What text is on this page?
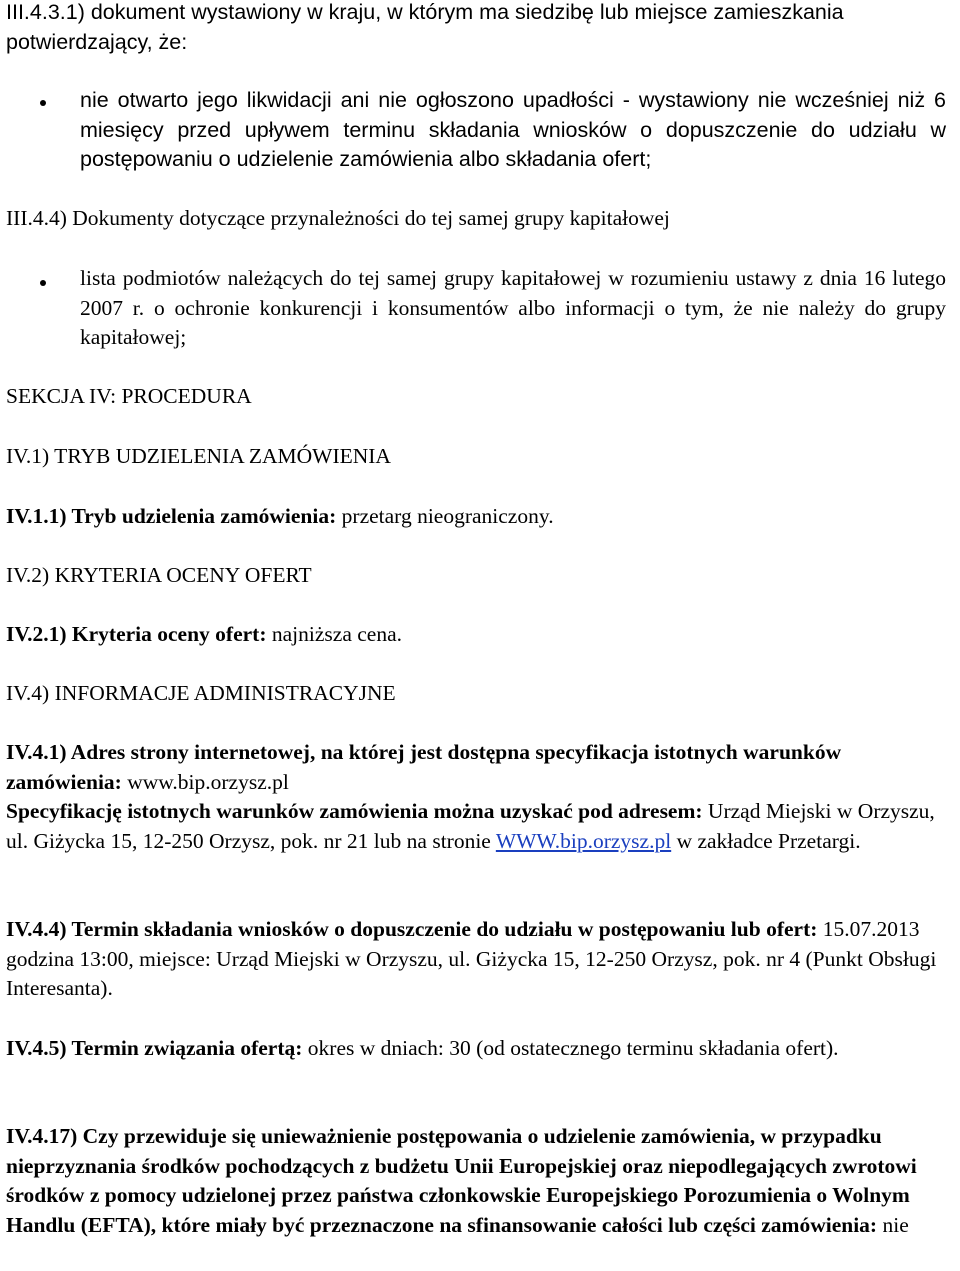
III.4.3.1) dokument wystawiony w kraju, w którym ma siedzibę lub miejsce zamieszkania potwierdzający, że:

nie otwarto jego likwidacji ani nie ogłoszono upadłości - wystawiony nie wcześniej niż 6 miesięcy przed upływem terminu składania wniosków o dopuszczenie do udziału w postępowaniu o udzielenie zamówienia albo składania ofert;

III.4.4) Dokumenty dotyczące przynależności do tej samej grupy kapitałowej

lista podmiotów należących do tej samej grupy kapitałowej w rozumieniu ustawy z dnia 16 lutego 2007 r. o ochronie konkurencji i konsumentów albo informacji o tym, że nie należy do grupy kapitałowej;

SEKCJA IV: PROCEDURA

IV.1) TRYB UDZIELENIA ZAMÓWIENIA

IV.1.1) Tryb udzielenia zamówienia: przetarg nieograniczony.

IV.2) KRYTERIA OCENY OFERT

IV.2.1) Kryteria oceny ofert: najniższa cena.

IV.4) INFORMACJE ADMINISTRACYJNE

IV.4.1) Adres strony internetowej, na której jest dostępna specyfikacja istotnych warunków zamówienia: www.bip.orzysz.pl
Specyfikację istotnych warunków zamówienia można uzyskać pod adresem: Urząd Miejski w Orzyszu, ul. Giżycka 15, 12-250 Orzysz, pok. nr 21 lub na stronie WWW.bip.orzysz.pl w zakładce Przetargi.

IV.4.4) Termin składania wniosków o dopuszczenie do udziału w postępowaniu lub ofert: 15.07.2013 godzina 13:00, miejsce: Urząd Miejski w Orzyszu, ul. Giżycka 15, 12-250 Orzysz, pok. nr 4 (Punkt Obsługi Interesanta).

IV.4.5) Termin związania ofertą: okres w dniach: 30 (od ostatecznego terminu składania ofert).

IV.4.17) Czy przewiduje się unieważnienie postępowania o udzielenie zamówienia, w przypadku nieprzyznania środków pochodzących z budżetu Unii Europejskiej oraz niepodlegających zwrotowi środków z pomocy udzielonej przez państwa członkowskie Europejskiego Porozumienia o Wolnym Handlu (EFTA), które miały być przeznaczone na sfinansowanie całości lub części zamówienia: nie
